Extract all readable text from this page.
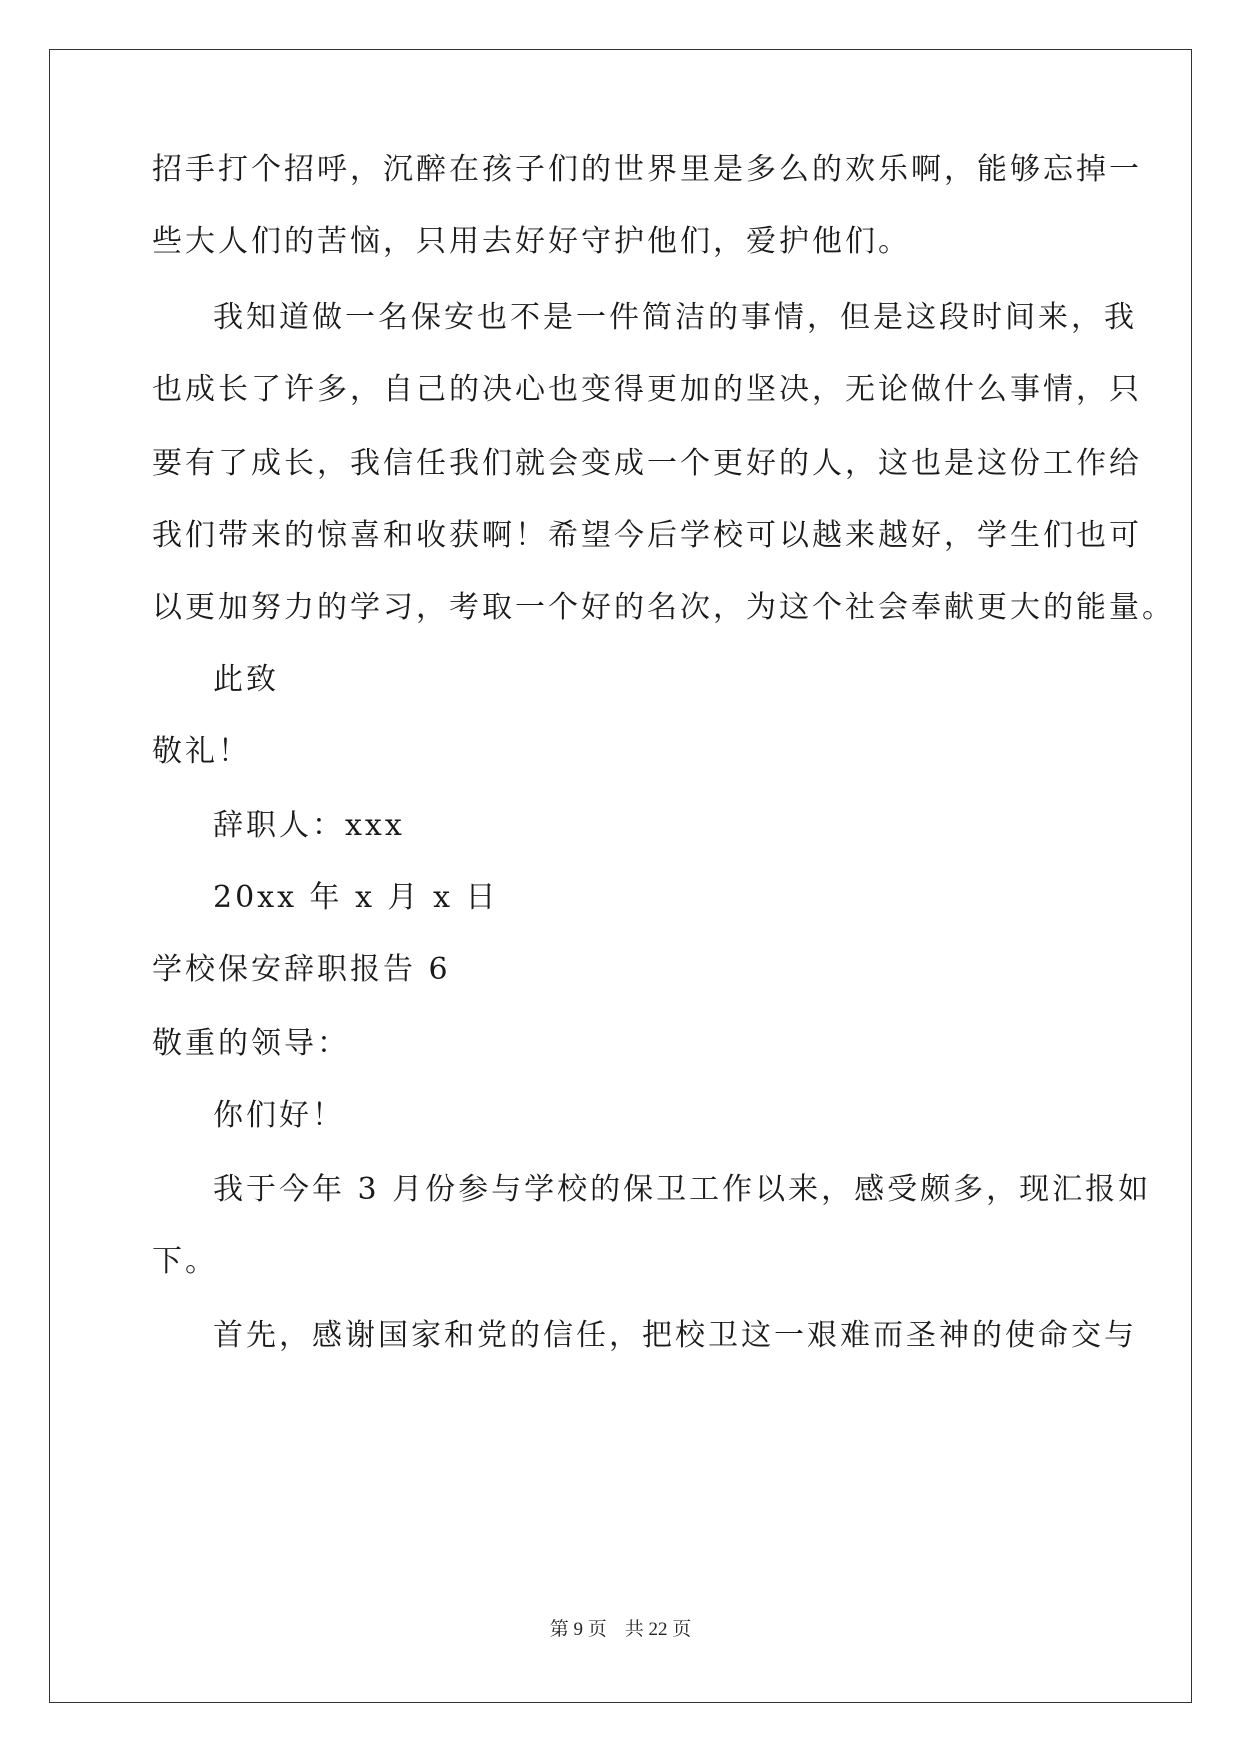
招手打个招呼，沉醉在孩子们的世界里是多么的欢乐啊，能够忘掉一
些大人们的苦恼，只用去好好守护他们，爱护他们。
我知道做一名保安也不是一件简洁的事情，但是这段时间来，我
也成长了许多，自己的决心也变得更加的坚决，无论做什么事情，只
要有了成长，我信任我们就会变成一个更好的人，这也是这份工作给
我们带来的惊喜和收获啊！希望今后学校可以越来越好，学生们也可
以更加努力的学习，考取一个好的名次，为这个社会奉献更大的能量。
此致
敬礼！
辞职人：xxx
20xx 年 x 月 x 日
学校保安辞职报告 6
敬重的领导：
你们好！
我于今年 3 月份参与学校的保卫工作以来，感受颇多，现汇报如
下。
首先，感谢国家和党的信任，把校卫这一艰难而圣神的使命交与
第 9 页 共 22 页
